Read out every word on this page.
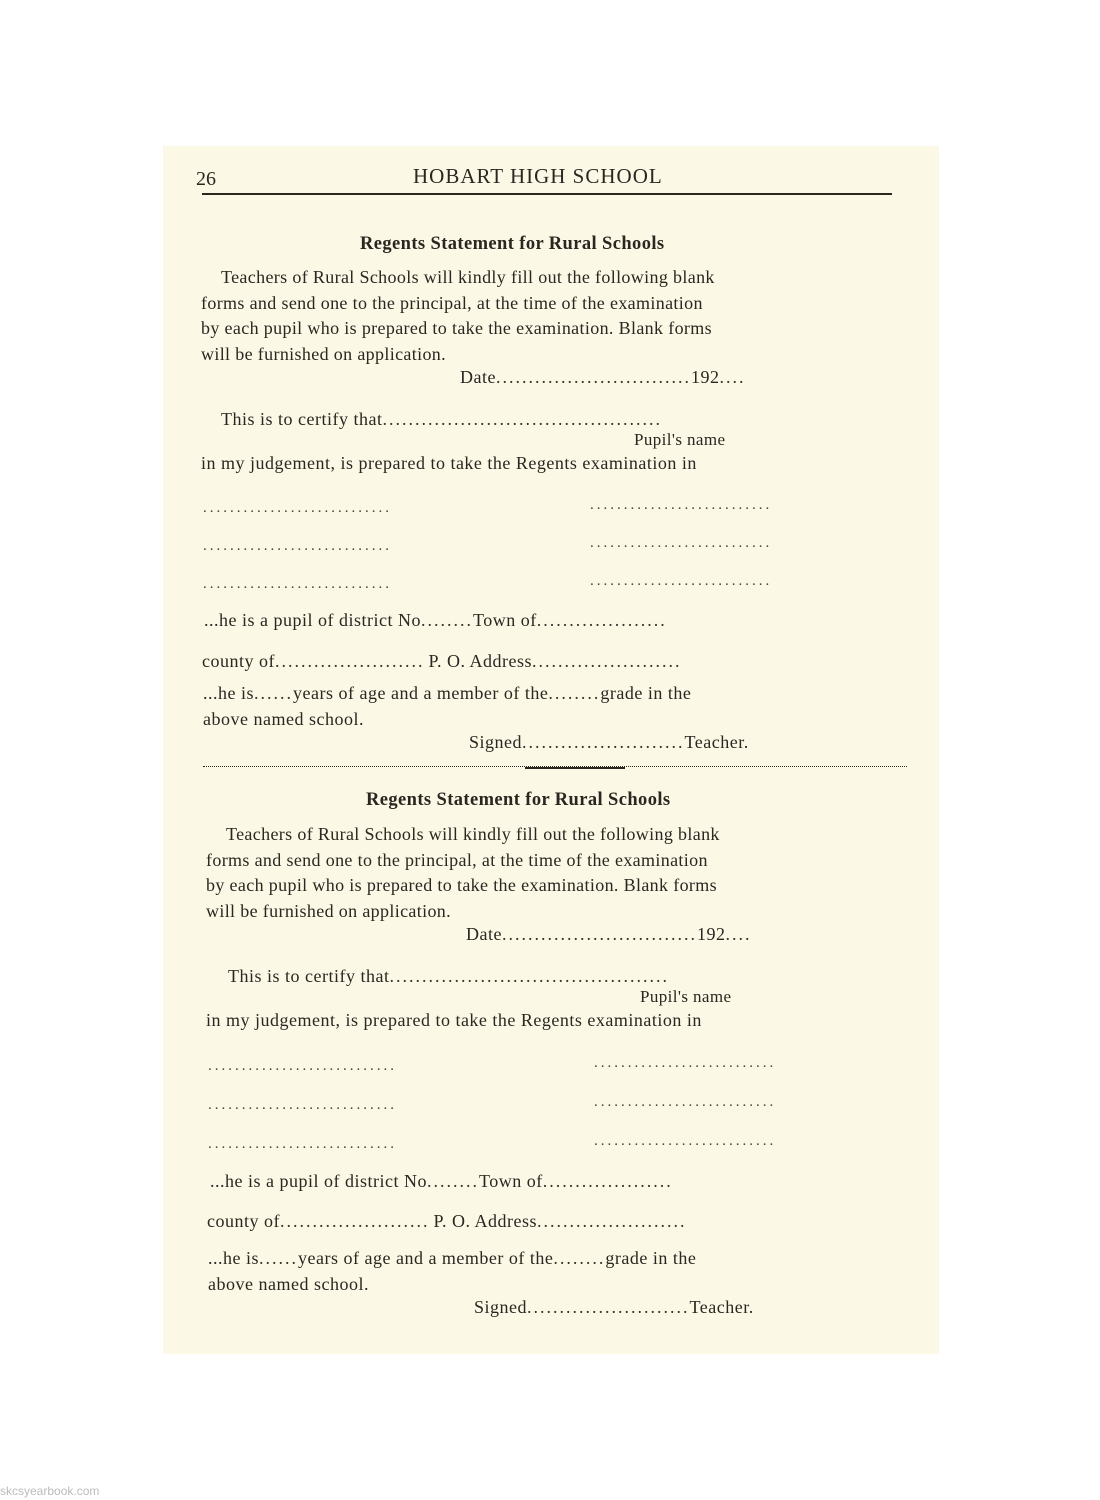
26	HOBART HIGH SCHOOL
Regents Statement for Rural Schools
Teachers of Rural Schools will kindly fill out the following blank
forms and send one to the principal, at the time of the examination
by each pupil who is prepared to take the examination. Blank forms
will be furnished on application.
Date..............................192....
This is to certify that...........................................
Pupil's name
in my judgement, is prepared to take the Regents examination in
............................	...........................
............................	...........................
............................	...........................
...he is a pupil of district No........Town of....................
county of....................... P. O. Address.......................
...he is......years of age and a member of the........grade in the
above named school.
Signed.........................Teacher.
Regents Statement for Rural Schools
Teachers of Rural Schools will kindly fill out the following blank
forms and send one to the principal, at the time of the examination
by each pupil who is prepared to take the examination. Blank forms
will be furnished on application.
Date..............................192....
This is to certify that...........................................
Pupil's name
in my judgement, is prepared to take the Regents examination in
............................	...........................
............................	...........................
............................	...........................
...he is a pupil of district No........Town of....................
county of....................... P. O. Address.......................
...he is......years of age and a member of the........grade in the
above named school.
Signed.........................Teacher.
skcsyearbook.com
